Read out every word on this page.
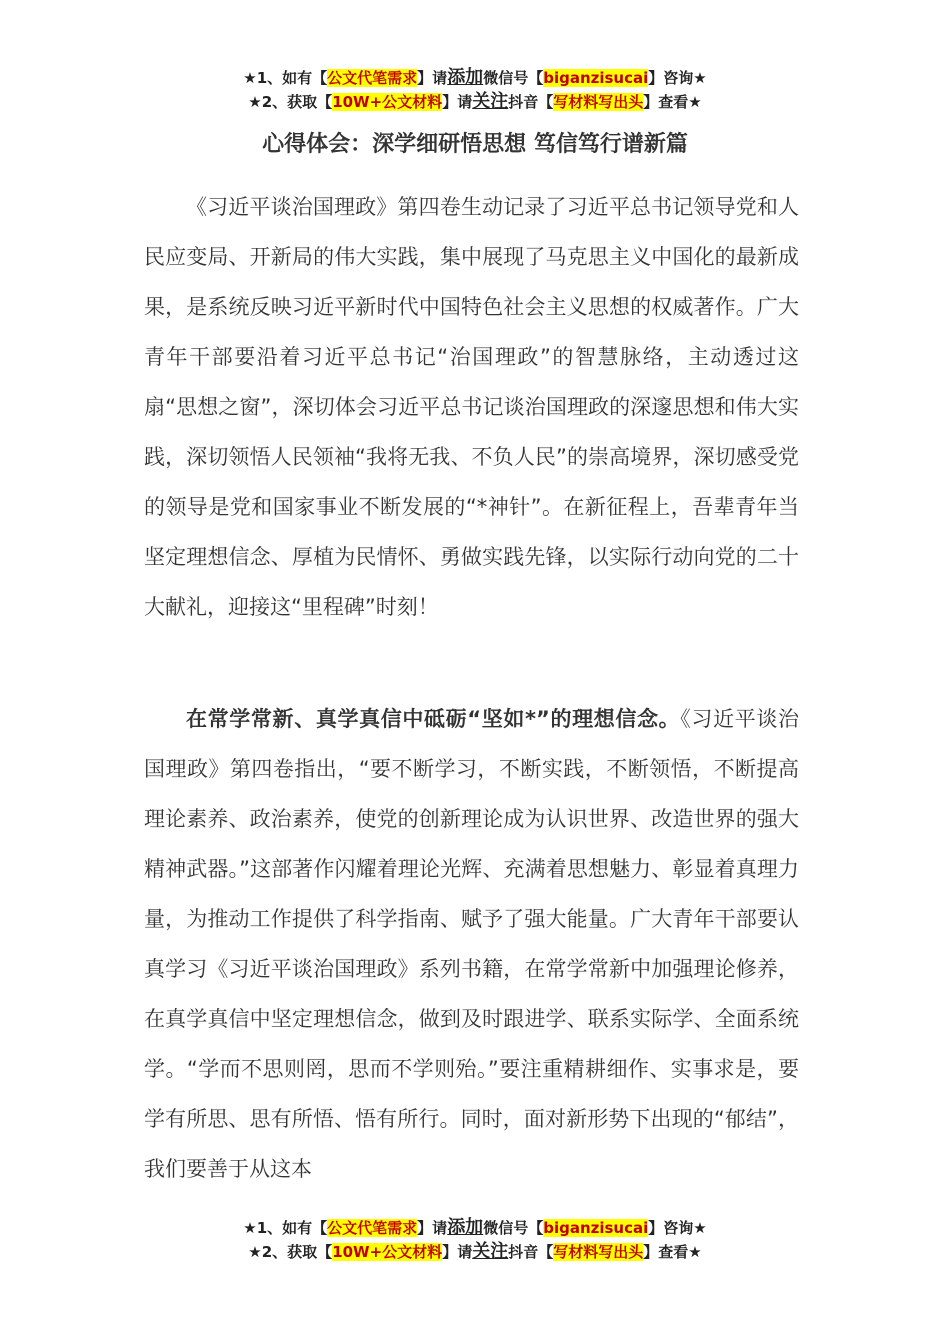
★1、如有【公文代笔需求】请添加微信号【biganzisucai】咨询★
★2、获取【10W+公文材料】请关注抖音【写材料写出头】查看★
心得体会：深学细研悟思想 笃信笃行谱新篇

《习近平谈治国理政》第四卷生动记录了习近平总书记领导党和人民应变局、开新局的伟大实践，集中展现了马克思主义中国化的最新成果，是系统反映习近平新时代中国特色社会主义思想的权威著作。广大青年干部要沿着习近平总书记“治国理政”的智慧脉络，主动透过这扇“思想之窗”，深切体会习近平总书记谈治国理政的深邃思想和伟大实践，深切领悟人民领袖“我将无我、不负人民”的崇高境界，深切感受党的领导是党和国家事业不断发展的“*神针”。在新征程上，吾辈青年当坚定理想信念、厚植为民情怀、勇做实践先锋，以实际行动向党的二十大献礼，迎接这“里程碑”时刻！

在常学常新、真学真信中砥砺“坚如*”的理想信念。《习近平谈治国理政》第四卷指出，“要不断学习，不断实践，不断领悟，不断提高理论素养、政治素养，使党的创新理论成为认识世界、改造世界的强大精神武器。”这部著作闪耀着理论光辉、充满着思想魅力、彰显着真理力量，为推动工作提供了科学指南、赋予了强大能量。广大青年干部要认真学习《习近平谈治国理政》系列书籍，在常学常新中加强理论修养，在真学真信中坚定理想信念，做到及时跟进学、联系实际学、全面系统学。“学而不思则罔，思而不学则殆。”要注重精耕细作、实事求是，要学有所思、思有所悟、悟有所行。同时，面对新形势下出现的“郁结”，我们要善于从这本

★1、如有【公文代笔需求】请添加微信号【biganzisucai】咨询★
★2、获取【10W+公文材料】请关注抖音【写材料写出头】查看★
